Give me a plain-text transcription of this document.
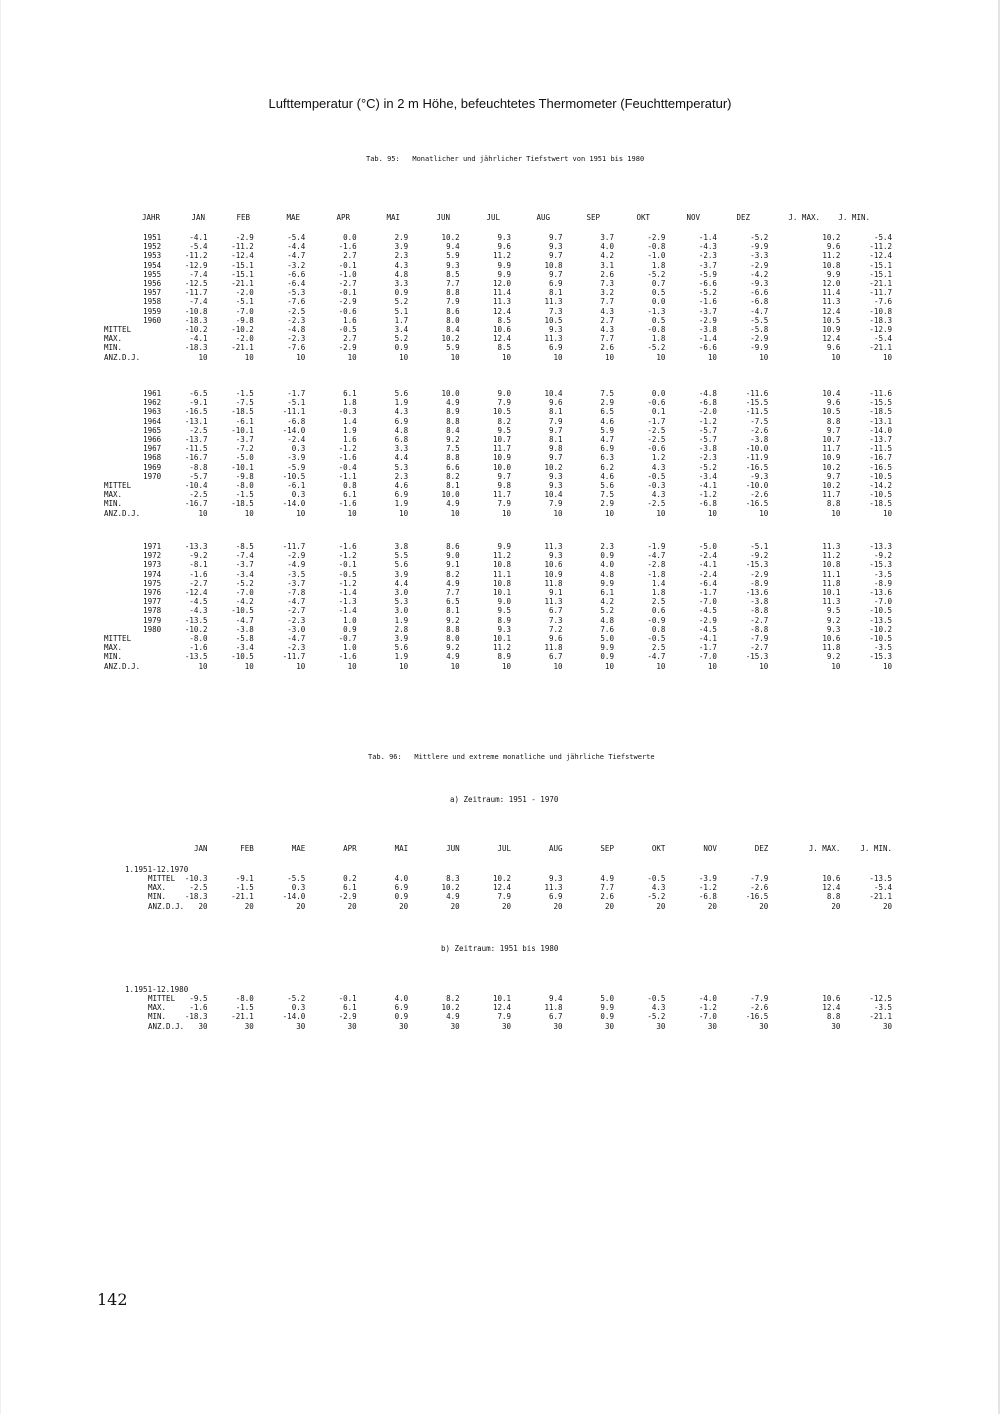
Lufttemperatur (°C) in 2 m Höhe, befeuchtetes Thermometer (Feuchttemperatur)
Tab. 95: Monatlicher und jährlicher Tiefstwert von 1951 bis 1980
JAHR	JAN	FEB	MAE	APR	MAI	JUN	JUL	AUG	SEP	OKT	NOV	DEZ	J. MAX.	J. MIN.
1951	-4.1	-2.9	-5.4	0.0	2.9	10.2	9.3	9.7	3.7	-2.9	-1.4	-5.2	10.2	-5.4
1952	-5.4	-11.2	-4.4	-1.6	3.9	9.4	9.6	9.3	4.0	-0.8	-4.3	-9.9	9.6	-11.2
1953	-11.2	-12.4	-4.7	2.7	2.3	5.9	11.2	9.7	4.2	-1.0	-2.3	-3.3	11.2	-12.4
1954	-12.9	-15.1	-3.2	-0.1	4.3	9.3	9.9	10.8	3.1	1.8	-3.7	-2.9	10.8	-15.1
1955	-7.4	-15.1	-6.6	-1.0	4.8	8.5	9.9	9.7	2.6	-5.2	-5.9	-4.2	9.9	-15.1
1956	-12.5	-21.1	-6.4	-2.7	3.3	7.7	12.0	6.9	7.3	0.7	-6.6	-9.3	12.0	-21.1
1957	-11.7	-2.0	-5.3	-0.1	0.9	8.8	11.4	8.1	3.2	0.5	-5.2	-6.6	11.4	-11.7
1958	-7.4	-5.1	-7.6	-2.9	5.2	7.9	11.3	11.3	7.7	0.0	-1.6	-6.8	11.3	-7.6
1959	-10.8	-7.0	-2.5	-0.6	5.1	8.6	12.4	7.3	4.3	-1.3	-3.7	-4.7	12.4	-10.8
1960	-18.3	-9.8	-2.3	1.6	1.7	8.0	8.5	10.5	2.7	0.5	-2.9	-5.5	10.5	-18.3
MITTEL	-10.2	-10.2	-4.8	-0.5	3.4	8.4	10.6	9.3	4.3	-0.8	-3.8	-5.8	10.9	-12.9
MAX.	-4.1	-2.0	-2.3	2.7	5.2	10.2	12.4	11.3	7.7	1.8	-1.4	-2.9	12.4	-5.4
MIN.	-18.3	-21.1	-7.6	-2.9	0.9	5.9	8.5	6.9	2.6	-5.2	-6.6	-9.9	9.6	-21.1
ANZ.D.J.	10	10	10	10	10	10	10	10	10	10	10	10	10	10
1961	-6.5	-1.5	-1.7	6.1	5.6	10.0	9.0	10.4	7.5	0.0	-4.8	-11.6	10.4	-11.6
1962	-9.1	-7.5	-5.1	1.8	1.9	4.9	7.9	9.6	2.9	-0.6	-6.8	-15.5	9.6	-15.5
1963	-16.5	-18.5	-11.1	-0.3	4.3	8.9	10.5	8.1	6.5	0.1	-2.0	-11.5	10.5	-18.5
1964	-13.1	-6.1	-6.8	1.4	6.9	8.8	8.2	7.9	4.6	-1.7	-1.2	-7.5	8.8	-13.1
1965	-2.5	-10.1	-14.0	1.9	4.8	8.4	9.5	9.7	5.9	-2.5	-5.7	-2.6	9.7	-14.0
1966	-13.7	-3.7	-2.4	1.6	6.8	9.2	10.7	8.1	4.7	-2.5	-5.7	-3.8	10.7	-13.7
1967	-11.5	-7.2	0.3	-1.2	3.3	7.5	11.7	9.8	6.9	-0.6	-3.8	-10.0	11.7	-11.5
1968	-16.7	-5.0	-3.9	-1.6	4.4	8.8	10.9	9.7	6.3	1.2	-2.3	-11.9	10.9	-16.7
1969	-8.8	-10.1	-5.9	-0.4	5.3	6.6	10.0	10.2	6.2	4.3	-5.2	-16.5	10.2	-16.5
1970	-5.7	-9.8	-10.5	-1.1	2.3	8.2	9.7	9.3	4.6	-0.5	-3.4	-9.3	9.7	-10.5
MITTEL	-10.4	-8.0	-6.1	0.8	4.6	8.1	9.8	9.3	5.6	-0.3	-4.1	-10.0	10.2	-14.2
MAX.	-2.5	-1.5	0.3	6.1	6.9	10.0	11.7	10.4	7.5	4.3	-1.2	-2.6	11.7	-10.5
MIN.	-16.7	-18.5	-14.0	-1.6	1.9	4.9	7.9	7.9	2.9	-2.5	-6.8	-16.5	8.8	-18.5
ANZ.D.J.	10	10	10	10	10	10	10	10	10	10	10	10	10	10
1971	-13.3	-8.5	-11.7	-1.6	3.8	8.6	9.9	11.3	2.3	-1.9	-5.0	-5.1	11.3	-13.3
1972	-9.2	-7.4	-2.9	-1.2	5.5	9.0	11.2	9.3	0.9	-4.7	-2.4	-9.2	11.2	-9.2
1973	-8.1	-3.7	-4.9	-0.1	5.6	9.1	10.8	10.6	4.0	-2.8	-4.1	-15.3	10.8	-15.3
1974	-1.6	-3.4	-3.5	-0.5	3.9	8.2	11.1	10.9	4.8	-1.8	-2.4	-2.9	11.1	-3.5
1975	-2.7	-5.2	-3.7	-1.2	4.4	4.9	10.8	11.8	9.9	1.4	-6.4	-8.9	11.8	-8.9
1976	-12.4	-7.0	-7.8	-1.4	3.0	7.7	10.1	9.1	6.1	1.8	-1.7	-13.6	10.1	-13.6
1977	-4.5	-4.2	-4.7	-1.3	5.3	6.5	9.0	11.3	4.2	2.5	-7.0	-3.8	11.3	-7.0
1978	-4.3	-10.5	-2.7	-1.4	3.0	8.1	9.5	6.7	5.2	0.6	-4.5	-8.8	9.5	-10.5
1979	-13.5	-4.7	-2.3	1.0	1.9	9.2	8.9	7.3	4.8	-0.9	-2.9	-2.7	9.2	-13.5
1980	-10.2	-3.8	-3.0	0.9	2.8	8.8	9.3	7.2	7.6	0.8	-4.5	-8.8	9.3	-10.2
MITTEL	-8.0	-5.8	-4.7	-0.7	3.9	8.0	10.1	9.6	5.0	-0.5	-4.1	-7.9	10.6	-10.5
MAX.	-1.6	-3.4	-2.3	1.0	5.6	9.2	11.2	11.8	9.9	2.5	-1.7	-2.7	11.8	-3.5
MIN.	-13.5	-10.5	-11.7	-1.6	1.9	4.9	8.9	6.7	0.9	-4.7	-7.0	-15.3	9.2	-15.3
ANZ.D.J.	10	10	10	10	10	10	10	10	10	10	10	10	10	10
Tab. 96: Mittlere und extreme monatliche und jährliche Tiefstwerte
a) Zeitraum: 1951 - 1970
	JAN	FEB	MAE	APR	MAI	JUN	JUL	AUG	SEP	OKT	NOV	DEZ	J. MAX.	J. MIN.
1.1951-12.1970
MITTEL	-10.3	-9.1	-5.5	0.2	4.0	8.3	10.2	9.3	4.9	-0.5	-3.9	-7.9	10.6	-13.5
MAX.	-2.5	-1.5	0.3	6.1	6.9	10.2	12.4	11.3	7.7	4.3	-1.2	-2.6	12.4	-5.4
MIN.	-18.3	-21.1	-14.0	-2.9	0.9	4.9	7.9	6.9	2.6	-5.2	-6.8	-16.5	8.8	-21.1
ANZ.D.J.	20	20	20	20	20	20	20	20	20	20	20	20	20	20
b) Zeitraum: 1951 bis 1980
1.1951-12.1980
MITTEL	-9.5	-8.0	-5.2	-0.1	4.0	8.2	10.1	9.4	5.0	-0.5	-4.0	-7.9	10.6	-12.5
MAX.	-1.6	-1.5	0.3	6.1	6.9	10.2	12.4	11.8	9.9	4.3	-1.2	-2.6	12.4	-3.5
MIN.	-18.3	-21.1	-14.0	-2.9	0.9	4.9	7.9	6.7	0.9	-5.2	-7.0	-16.5	8.8	-21.1
ANZ.D.J.	30	30	30	30	30	30	30	30	30	30	30	30	30	30
142
